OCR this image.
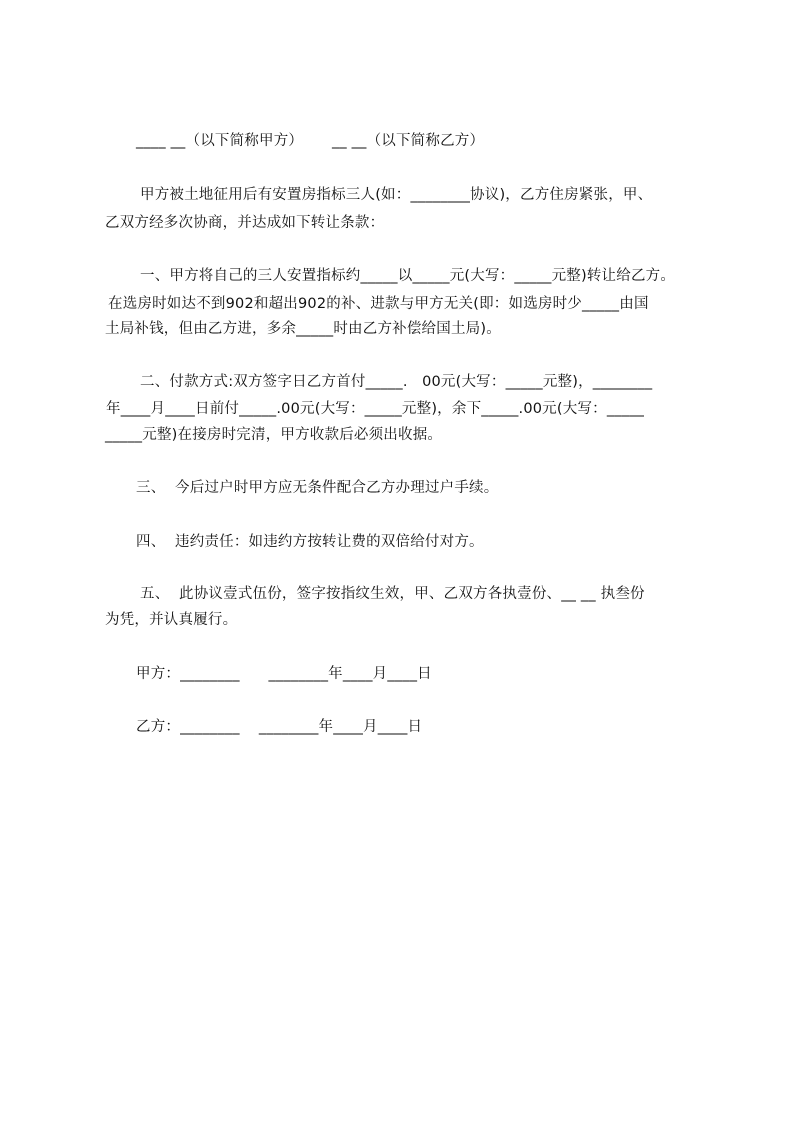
____ __（以下简称甲方）      __ __（以下简称乙方）
甲方被土地征用后有安置房指标三人(如：________协议)，乙方住房紧张，甲、
乙双方经多次协商，并达成如下转让条款：
一、甲方将自己的三人安置指标约_____以_____元(大写：_____元整)转让给乙方。
在选房时如达不到902和超出902的补、进款与甲方无关(即：如选房时少_____由国
土局补钱，但由乙方进，多余_____时由乙方补偿给国土局)。
二、付款方式:双方签字日乙方首付_____.   00元(大写：_____元整)，________
年____月____日前付_____.00元(大写：_____元整)，余下_____.00元(大写：_____
_____元整)在接房时完清，甲方收款后必须出收据。
三、  今后过户时甲方应无条件配合乙方办理过户手续。
四、  违约责任：如违约方按转让费的双倍给付对方。
五、  此协议壹式伍份，签字按指纹生效，甲、乙双方各执壹份、__ __ 执叁份
为凭，并认真履行。
甲方：________      ________年____月____日
乙方：________    ________年____月____日
